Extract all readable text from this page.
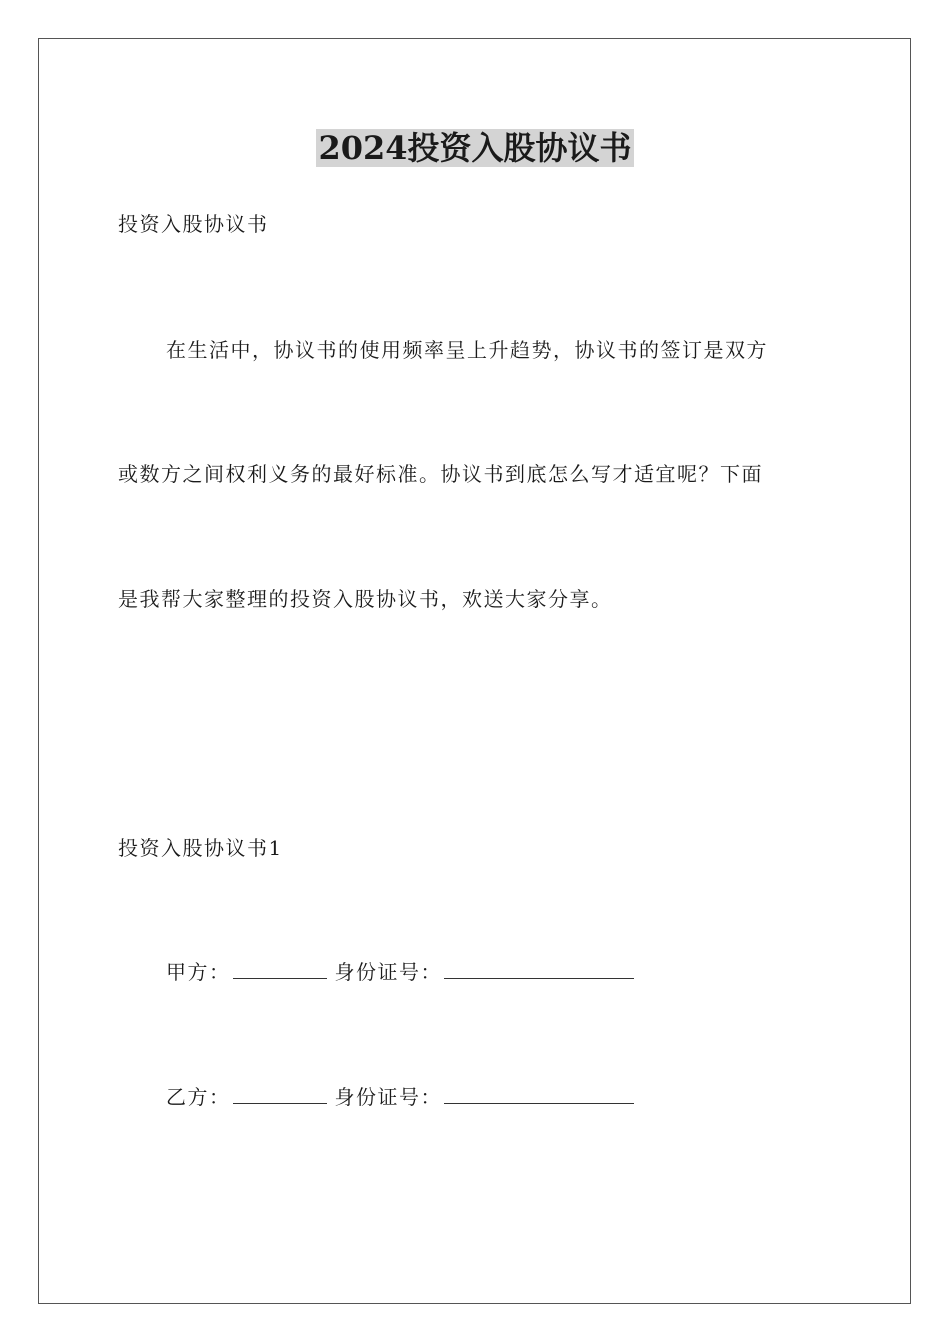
2024投资入股协议书
投资入股协议书
在生活中，协议书的使用频率呈上升趋势，协议书的签订是双方
或数方之间权利义务的最好标准。协议书到底怎么写才适宜呢？下面
是我帮大家整理的投资入股协议书，欢送大家分享。
投资入股协议书1
甲方：	身份证号：
乙方：	身份证号：
